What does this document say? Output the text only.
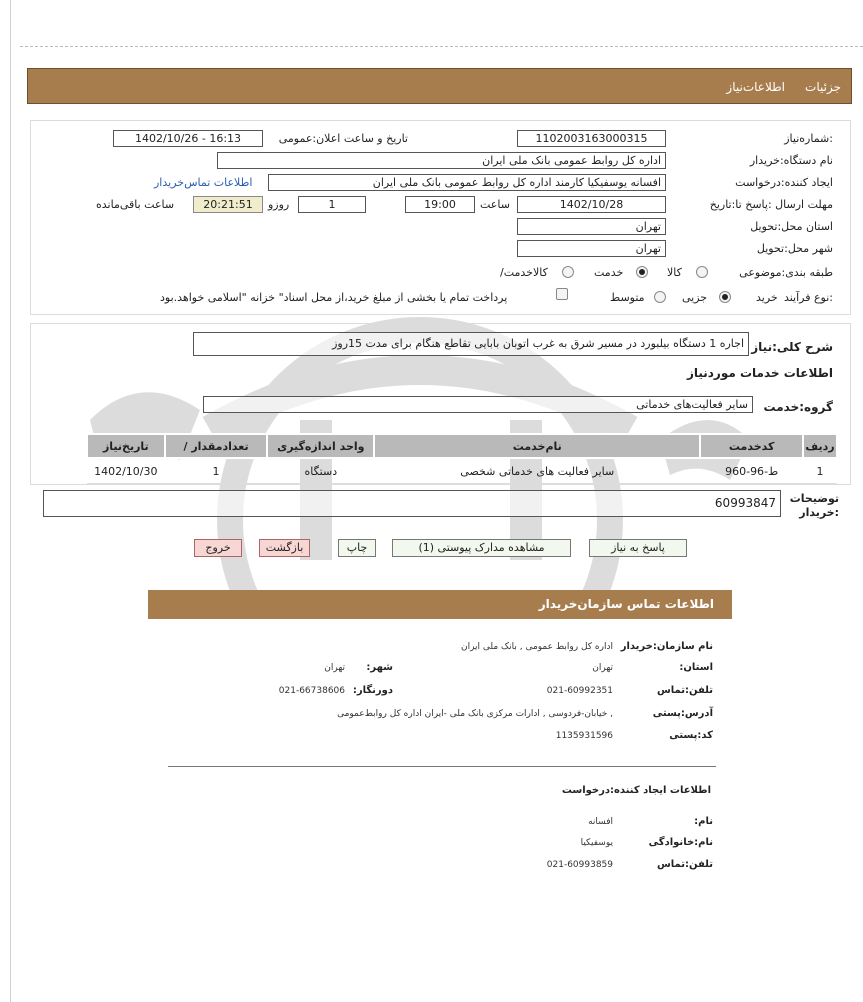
جزئیات
اطلاعات‌نیاز
شماره‌نیاز:
1102003163000315
تاریخ و ساعت اعلان:عمومی
1402/10/26 - 16:13
نام دستگاه:خریدار
اداره کل روابط عمومی بانک ملی ایران
ایجاد کننده:درخواست
افسانه یوسفیکیا کارمند اداره کل روابط عمومی بانک ملی ایران
اطلاعات تماس‌خریدار
مهلت ارسال :پاسخ تا:تاریخ
1402/10/28
ساعت
19:00
1
روزو
20:21:51
ساعت باقی‌مانده
استان محل:تحویل
تهران
شهر محل:تحویل
تهران
طبقه بندی:موضوعی
کالا
خدمت
/کالاخدمت
نوع فرآیند:
خرید
جزیی
متوسط
پرداخت تمام یا بخشی از مبلغ خرید،از محل اسناد" خزانه "اسلامی خواهد.بود
شرح کلی:نیاز
اجاره 1 دستگاه بیلبورد در مسیر شرق به غرب اتوبان بابایی تقاطع هنگام برای مدت 15روز
اطلاعات خدمات موردنیاز
گروه:خدمت
سایر فعالیت‌های خدماتی
تاریخ‌نیاز	/ تعدادمقدار	واحد اندازه‌گیری	نام‌خدمت	کدخدمت	ردیف
1402/10/30	1	دستگاه	سایر فعالیت های خدماتی شخصی	ط-96-960	1
توضیحات :خریدار
60993847
پاسخ به نیاز
مشاهده مدارک پیوستی (1)
چاپ
بازگشت
خروج
اطلاعات تماس سازمان‌خریدار
نام سازمان:خریدار
اداره کل روابط عمومی , بانک ملی ایران
:استان
تهران
:شهر
تهران
تلفن:تماس
021-60992351
:دورنگار
021-66738606
آدرس:پستی
خیابان-فردوسی , ادارات مرکزی بانک ملی -ایران اداره کل روابط‌عمومی ,
کد:پستی
1135931596
اطلاعات ایجاد کننده:درخواست
:نام
افسانه
نام:خانوادگی
یوسفیکیا
تلفن:تماس
021-60993859
